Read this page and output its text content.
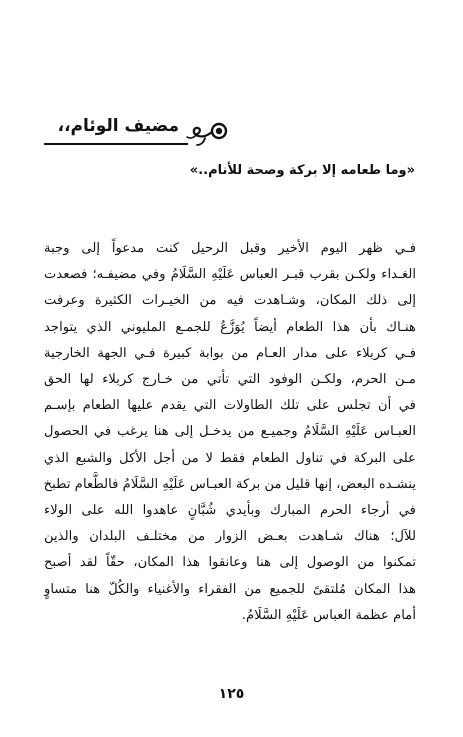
مضيف الوئام،،
«وما طعامه إلا بركة وصحة للأنام..»
فـي ظهر اليوم الأخير وقبل الرحيل كنت مدعواً إلى وجبة
الغـداء ولكـن بقرب قبـر العباس عَلَيْهِ السَّلَامُ وفي مضيفـه؛ فصعدت
إلى ذلك المكان، وشـاهدت فيه من الخيـرات الكثيرة وعرفت
هنـاك بأن هذا الطعام أيضاً يُوَزَّعُ للجمـع المليوني الذي يتواجد
فـي كربلاء على مدار العـام من بوابة كبيرة فـي الجهة الخارجية
مـن الحرم، ولكـن الوفود التي تأتي من خـارج كربلاء لها الحق
في أن تجلس على تلك الطاولات التي يقدم عليها الطعام بإسـم
العبـاس عَلَيْهِ السَّلَامُ وجميـع من يدخـل إلى هنا يرغب في الحصول
على البركة في تناول الطعام فقط لا من أجل الأكل والشبع الذي
ينشـده البعض، إنها قليل من بركة العبـاس عَلَيْهِ السَّلَامُ فالطَّعام تطبخ
في أرجاء الحرم المبارك وبأيدي شُبَّانٍ عاهدوا الله على الولاء
للآل؛ هناك شـاهدت بعـض الزوار من مختلـف البلدان والذين
تمكنوا من الوصول إلى هنا وعانقوا هذا المكان، حقّاً لقد أصبح
هذا المكان مُلتقىً للجميع من الفقراء والأغنياء والكُلّ هنا متساوٍ
أمام عظمة العباس عَلَيْهِ السَّلَامُ.
١٢٥
